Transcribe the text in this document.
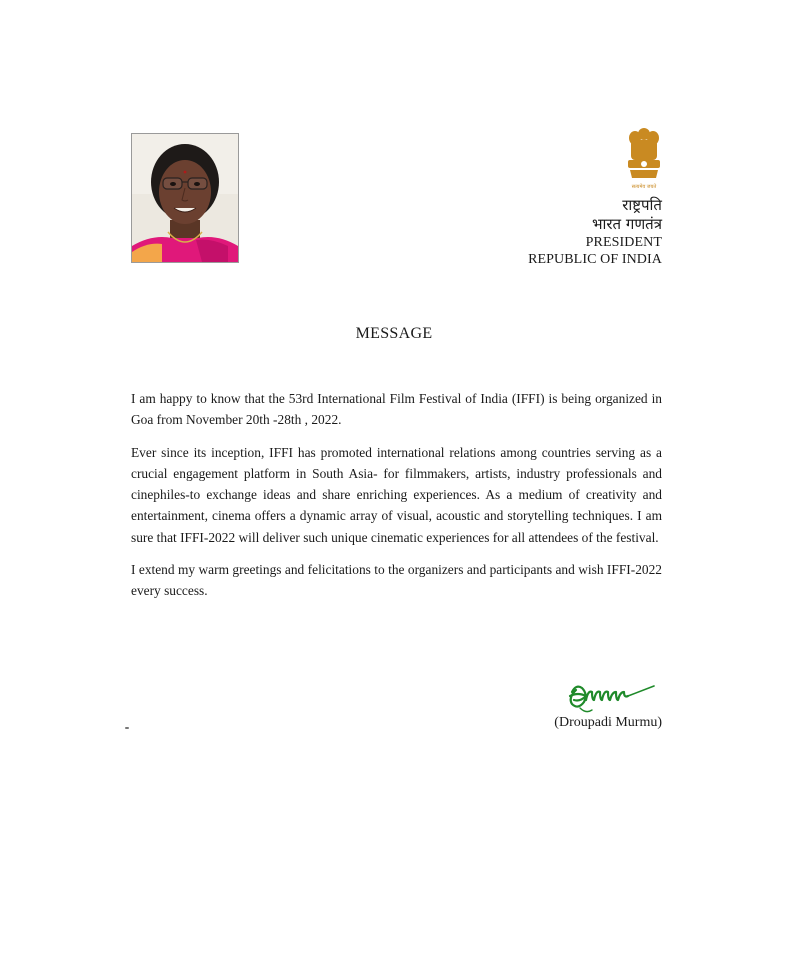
सत्यमेव जयते
राष्ट्रपति
भारत गणतंत्र
PRESIDENT
REPUBLIC OF INDIA
MESSAGE

I am happy to know that the 53rd International Film Festival of India (IFFI) is being organized in Goa from November 20th -28th , 2022.

Ever since its inception, IFFI has promoted international relations among countries serving as a crucial engagement platform in South Asia- for filmmakers, artists, industry professionals and cinephiles-to exchange ideas and share enriching experiences. As a medium of creativity and entertainment, cinema offers a dynamic array of visual, acoustic and storytelling techniques. I am sure that IFFI-2022 will deliver such unique cinematic experiences for all attendees of the festival.

I extend my warm greetings and felicitations to the organizers and participants and wish IFFI-2022 every success.

(Droupadi Murmu)
